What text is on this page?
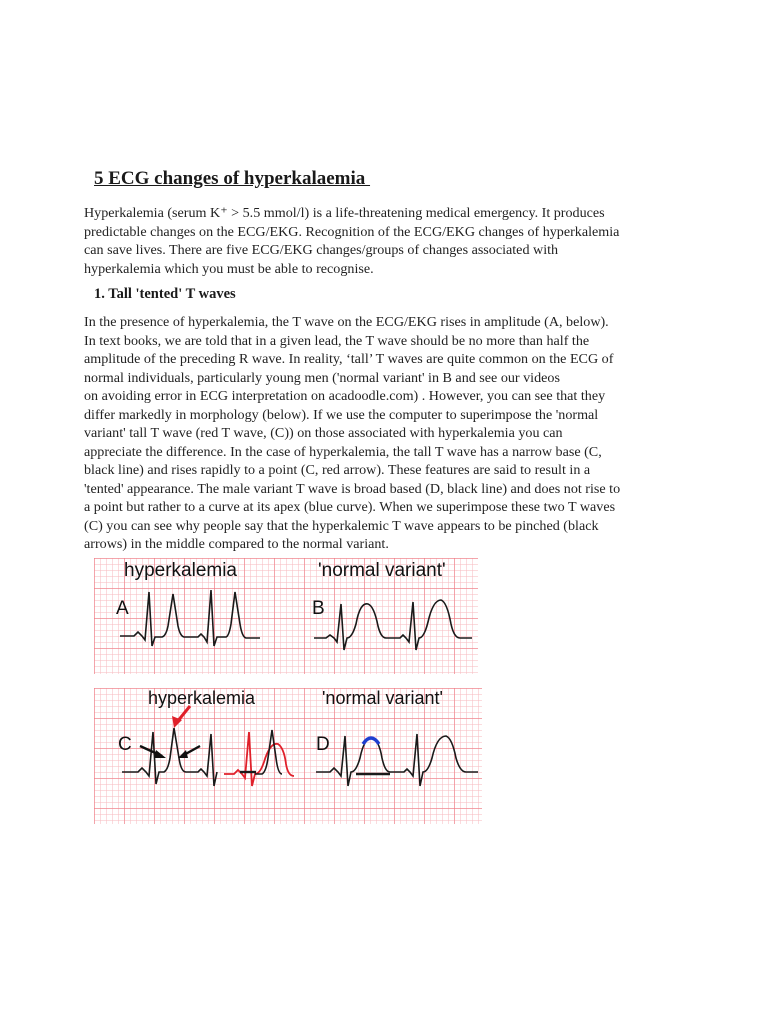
5 ECG changes of hyperkalaemia
Hyperkalemia (serum K⁺ > 5.5 mmol/l) is a life-threatening medical emergency. It produces
predictable changes on the ECG/EKG. Recognition of the ECG/EKG changes of hyperkalemia
can save lives. There are five ECG/EKG changes/groups of changes associated with
hyperkalemia which you must be able to recognise.
1. Tall 'tented' T waves
In the presence of hyperkalemia, the T wave on the ECG/EKG rises in amplitude (A, below).
In text books, we are told that in a given lead, the T wave should be no more than half the
amplitude of the preceding R wave. In reality, ‘tall’ T waves are quite common on the ECG of
normal individuals, particularly young men ('normal variant' in B and see our videos
on avoiding error in ECG interpretation on acadoodle.com) . However, you can see that they
differ markedly in morphology (below). If we use the computer to superimpose the 'normal
variant' tall T wave (red T wave, (C)) on those associated with hyperkalemia you can
appreciate the difference. In the case of hyperkalemia, the tall T wave has a narrow base (C,
black line) and rises rapidly to a point (C, red arrow). These features are said to result in a
'tented' appearance. The male variant T wave is broad based (D, black line) and does not rise to
a point but rather to a curve at its apex (blue curve). When we superimpose these two T waves
(C) you can see why people say that the hyperkalemic T wave appears to be pinched (black
arrows) in the middle compared to the normal variant.
hyperkalemia	'normal variant'
A	B
hyperkalemia	'normal variant'
C	D
